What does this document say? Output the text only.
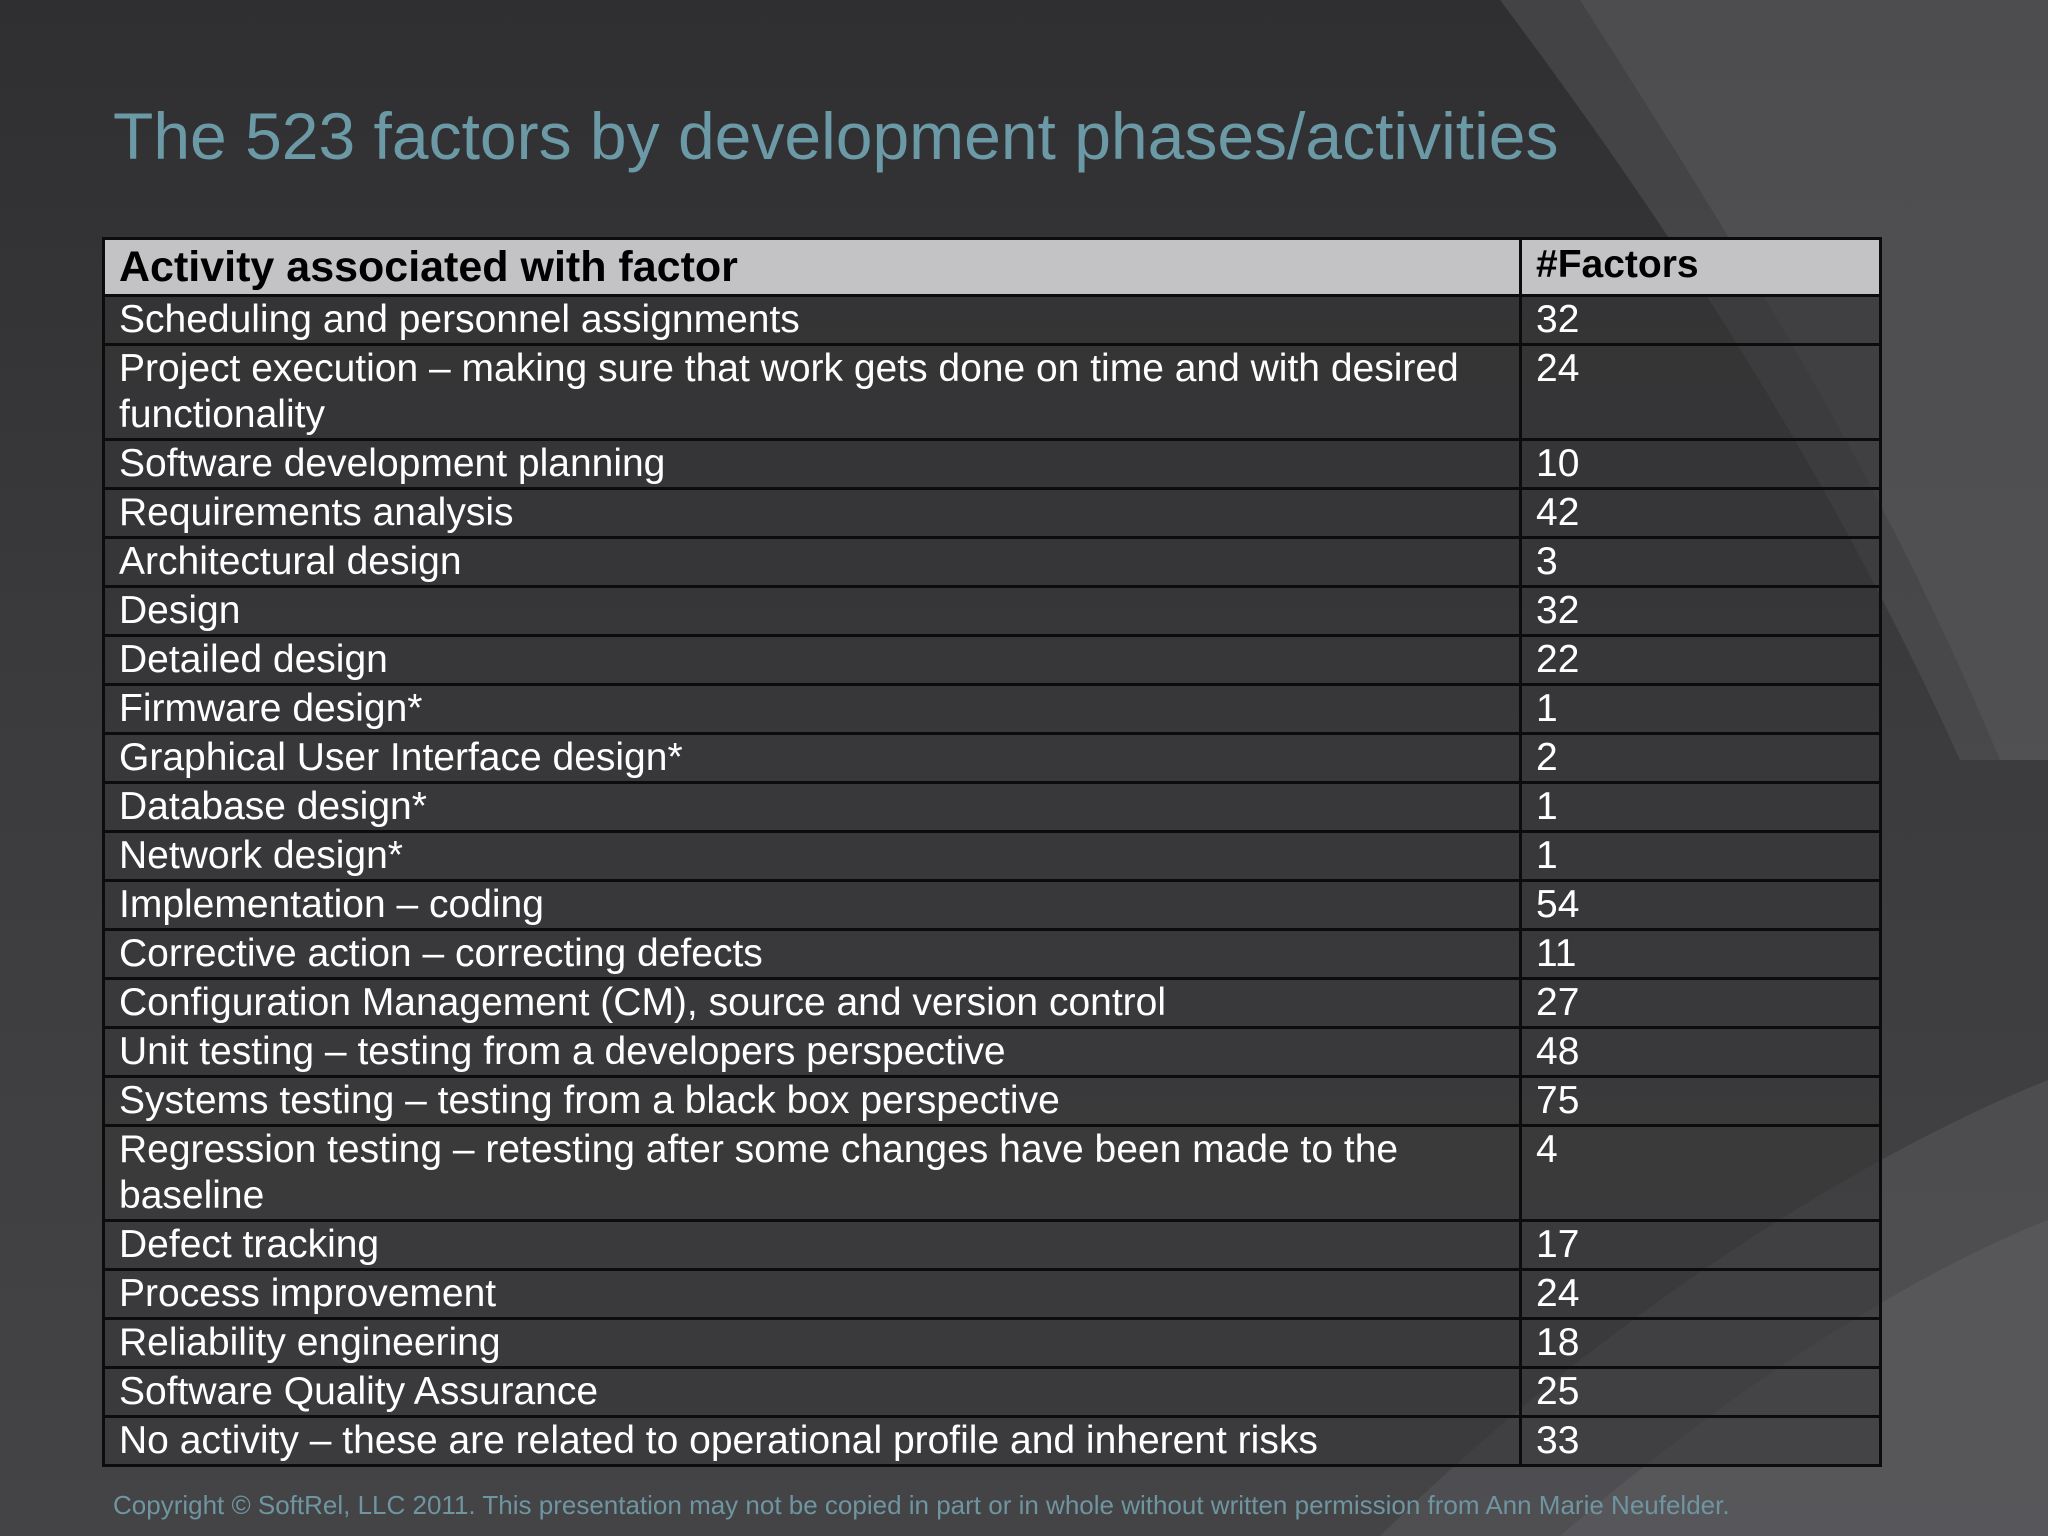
The 523 factors by development phases/activities
Activity associated with factor	#Factors
Scheduling and personnel assignments	32
Project execution – making sure that work gets done on time and with desired functionality	24
Software development planning	10
Requirements analysis	42
Architectural design	3
Design	32
Detailed design	22
Firmware design*	1
Graphical User Interface design*	2
Database design*	1
Network design*	1
Implementation – coding	54
Corrective action – correcting defects	11
Configuration Management (CM), source and version control	27
Unit testing – testing from a developers perspective	48
Systems testing – testing from a black box perspective	75
Regression testing – retesting after some changes have been made to the baseline	4
Defect tracking	17
Process improvement	24
Reliability engineering	18
Software Quality Assurance	25
No activity – these are related to operational profile and inherent risks	33
Copyright © SoftRel, LLC 2011. This presentation may not be copied in part or in whole without written permission from Ann Marie Neufelder.
